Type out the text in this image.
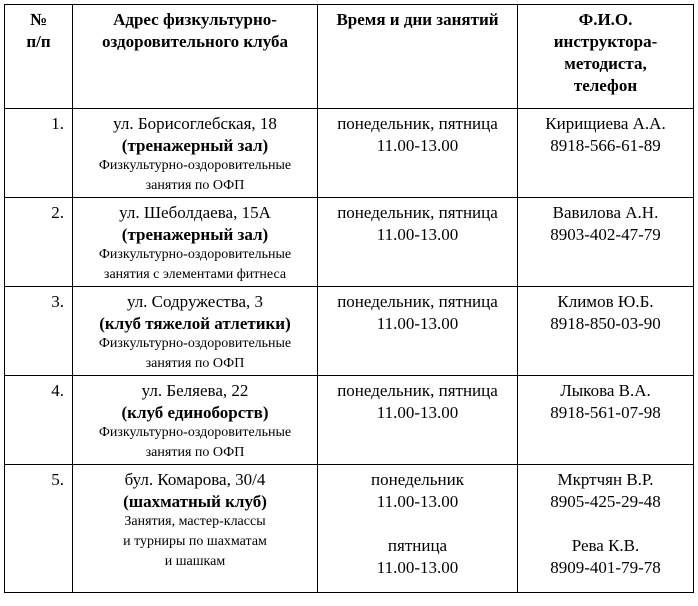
№
п/п	Адрес физкультурно-
оздоровительного клуба	Время и дни занятий	Ф.И.О.
инструктора-
методиста,
телефон

1.	ул. Борисоглебская, 18
(тренажерный зал)
Физкультурно-оздоровительные
занятия по ОФП	понедельник, пятница
11.00-13.00	Кирищиева А.А.
8918-566-61-89

2.	ул. Шеболдаева, 15А
(тренажерный зал)
Физкультурно-оздоровительные
занятия с элементами фитнеса	понедельник, пятница
11.00-13.00	Вавилова А.Н.
8903-402-47-79

3.	ул. Содружества, 3
(клуб тяжелой атлетики)
Физкультурно-оздоровительные
занятия по ОФП	понедельник, пятница
11.00-13.00	Климов Ю.Б.
8918-850-03-90

4.	ул. Беляева, 22
(клуб единоборств)
Физкультурно-оздоровительные
занятия по ОФП	понедельник, пятница
11.00-13.00	Лыкова В.А.
8918-561-07-98

5.	бул. Комарова, 30/4
(шахматный клуб)
Занятия, мастер-классы
и турниры по шахматам
и шашкам	понедельник
11.00-13.00
пятница
11.00-13.00	Мкртчян В.Р.
8905-425-29-48
Рева К.В.
8909-401-79-78
